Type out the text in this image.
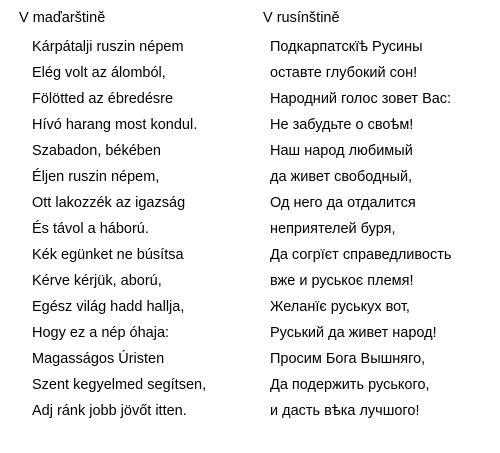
V maďarštině
Kárpátalji ruszin népem
Elég volt az álomból,
Fölötted az ébredésre
Hívó harang most kondul.
Szabadon, békében
Éljen ruszin népem,
Ott lakozzék az igazság
És távol a háború.
Kék egünket ne búsítsa
Kérve kérjük, aború,
Egész világ hadd hallja,
Hogy ez a nép óhaja:
Magasságos Úristen
Szent kegyelmed segítsen,
Adj ránk jobb jövőt itten.
V rusínštině
Подкарпатскїѣ Русины
оставте глубокий сон!
Народний голос зовет Вас:
Не забудьте о своѣм!
Наш народ любимый
да живет свободный,
Од него да отдалится
неприятелей буря,
Да согрїєт справедливость
вже и руськоє племя!
Желанїє руськух вот,
Руський да живет народ!
Просим Бога Вышняго,
Да подержить руського,
и дасть вѣка лучшого!
